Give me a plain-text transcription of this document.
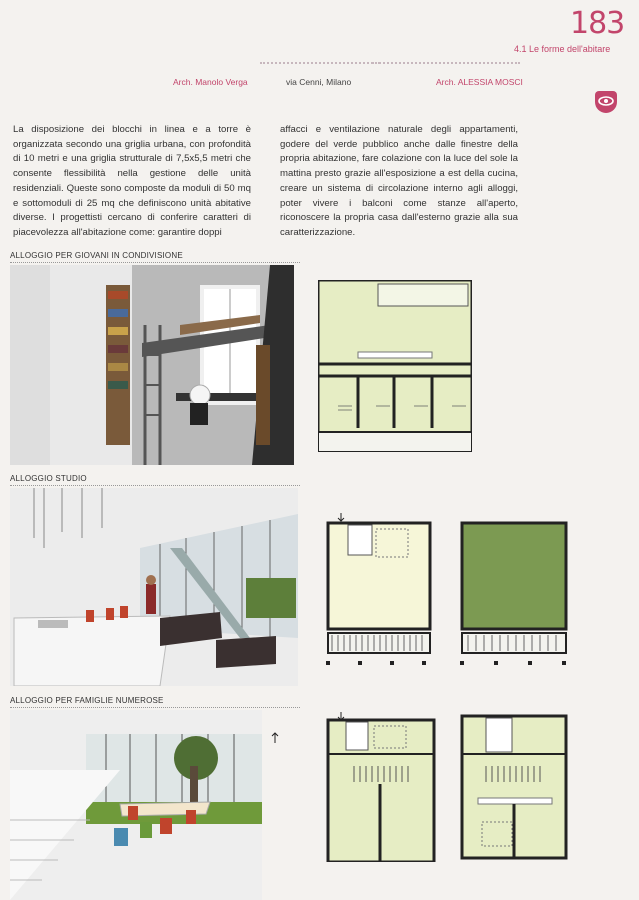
183
4.1 Le forme dell'abitare
Arch. Manolo Verga	via Cenni, Milano	Arch. ALESSIA MOSCI
La disposizione dei blocchi in linea e a torre è organizzata secondo una griglia urbana, con profondità di 10 metri e una griglia strutturale di 7,5x5,5 metri che consente flessibilità nella gestione delle unità residenziali. Queste sono composte da moduli di 50 mq e sottomoduli di 25 mq che definiscono unità abitative diverse. I progettisti cercano di conferire caratteri di piacevolezza all'abitazione come: garantire doppi
affacci e ventilazione naturale degli appartamenti, godere del verde pubblico anche dalle finestre della propria abitazione, fare colazione con la luce del sole la mattina presto grazie all'esposizione a est della cucina, creare un sistema di circolazione interno agli alloggi, poter vivere i balconi come stanze all'aperto, riconoscere la propria casa dall'esterno grazie alla sua caratterizzazione.
ALLOGGIO PER GIOVANI IN CONDIVISIONE
ALLOGGIO STUDIO
ALLOGGIO PER FAMIGLIE NUMEROSE
